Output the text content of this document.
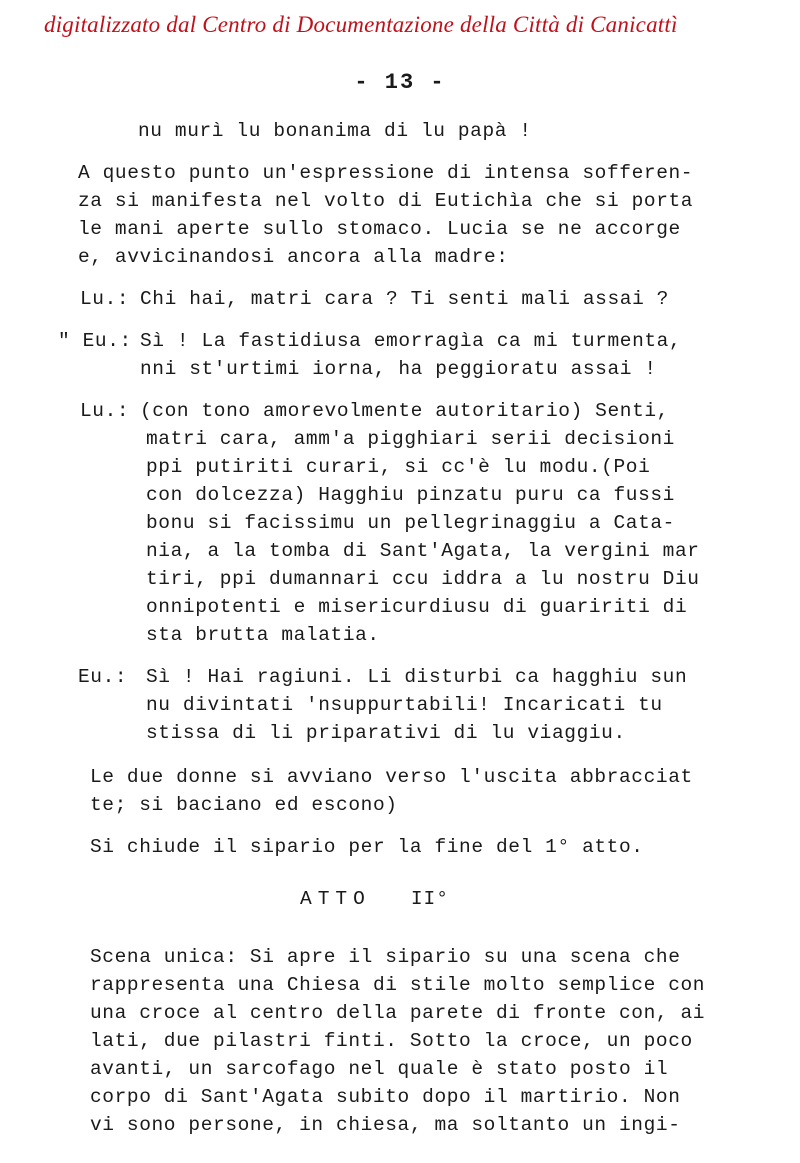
digitalizzato dal Centro di Documentazione della Città di Canicattì
- 13 -
nu murì lu bonanima di lu papà !
A questo punto un'espressione di intensa sofferen-
za si manifesta nel volto di Eutichìa che si porta
le mani aperte sullo stomaco. Lucia se ne accorge
e, avvicinandosi ancora alla madre:
Lu.: Chi hai, matri cara ? Ti senti mali assai ?
" Eu.: Sì ! La fastidiusa emorragìa ca mi turmenta,
nni st'urtimi iorna, ha peggioratu assai !
Lu.: (con tono amorevolmente autoritario) Senti,
matri cara, amm'a pigghiari serii decisioni
ppi putiriti curari, si cc'è lu modu.(Poi
con dolcezza) Hagghiu pinzatu puru ca fussi
bonu si facissimu un pellegrinaggiu a Cata-
nia, a la tomba di Sant'Agata, la vergini mar
tiri, ppi dumannari ccu iddra a lu nostru Diu
onnipotenti e misericurdiusu di guaririti di
sta brutta malatia.
Eu.: Sì ! Hai ragiuni. Li disturbi ca hagghiu sun
nu divintati 'nsuppurtabili! Incaricati tu
stissa di li priparativi di lu viaggiu.
Le due donne si avviano verso l'uscita abbracciat
te; si baciano ed escono)
Si chiude il sipario per la fine del 1° atto.
ATTO II°
Scena unica: Si apre il sipario su una scena che
rappresenta una Chiesa di stile molto semplice con
una croce al centro della parete di fronte con, ai
lati, due pilastri finti. Sotto la croce, un poco
avanti, un sarcofago nel quale è stato posto il
corpo di Sant'Agata subito dopo il martirio. Non
vi sono persone, in chiesa, ma soltanto un ingi-
